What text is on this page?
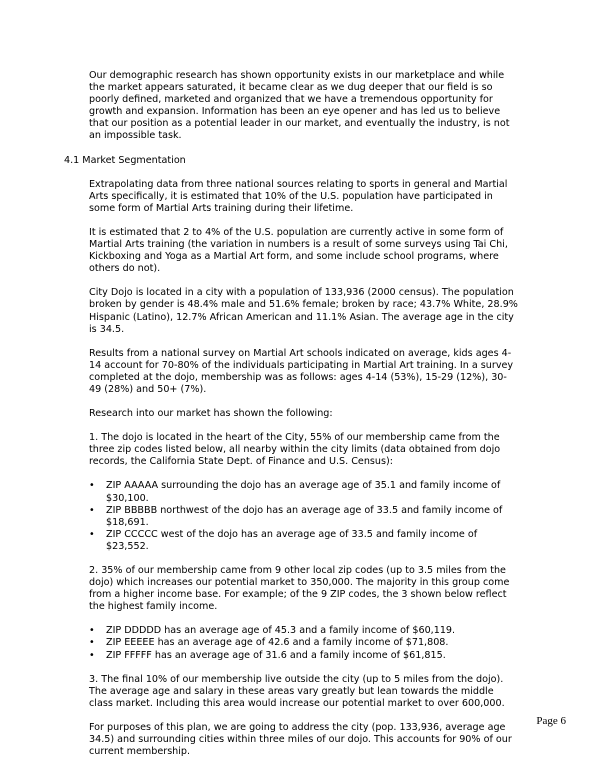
Our demographic research has shown opportunity exists in our marketplace and while the market appears saturated, it became clear as we dug deeper that our field is so poorly defined, marketed and organized that we have a tremendous opportunity for growth and expansion. Information has been an eye opener and has led us to believe that our position as a potential leader in our market, and eventually the industry, is not an impossible task.

4.1 Market Segmentation

Extrapolating data from three national sources relating to sports in general and Martial Arts specifically, it is estimated that 10% of the U.S. population have participated in some form of Martial Arts training during their lifetime.

It is estimated that 2 to 4% of the U.S. population are currently active in some form of Martial Arts training (the variation in numbers is a result of some surveys using Tai Chi, Kickboxing and Yoga as a Martial Art form, and some include school programs, where others do not).

City Dojo is located in a city with a population of 133,936 (2000 census). The population broken by gender is 48.4% male and 51.6% female; broken by race; 43.7% White, 28.9% Hispanic (Latino), 12.7% African American and 11.1% Asian. The average age in the city is 34.5.

Results from a national survey on Martial Art schools indicated on average, kids ages 4-14 account for 70-80% of the individuals participating in Martial Art training. In a survey completed at the dojo, membership was as follows: ages 4-14 (53%), 15-29 (12%), 30-49 (28%) and 50+ (7%).

Research into our market has shown the following:

1. The dojo is located in the heart of the City, 55% of our membership came from the three zip codes listed below, all nearby within the city limits (data obtained from dojo records, the California State Dept. of Finance and U.S. Census):

• ZIP AAAAA surrounding the dojo has an average age of 35.1 and family income of $30,100.
• ZIP BBBBB northwest of the dojo has an average age of 33.5 and family income of $18,691.
• ZIP CCCCC west of the dojo has an average age of 33.5 and family income of $23,552.

2. 35% of our membership came from 9 other local zip codes (up to 3.5 miles from the dojo) which increases our potential market to 350,000. The majority in this group come from a higher income base. For example; of the 9 ZIP codes, the 3 shown below reflect the highest family income.

• ZIP DDDDD has an average age of 45.3 and a family income of $60,119.
• ZIP EEEEE has an average age of 42.6 and a family income of $71,808.
• ZIP FFFFF has an average age of 31.6 and a family income of $61,815.

3. The final 10% of our membership live outside the city (up to 5 miles from the dojo). The average age and salary in these areas vary greatly but lean towards the middle class market. Including this area would increase our potential market to over 600,000.

For purposes of this plan, we are going to address the city (pop. 133,936, average age 34.5) and surrounding cities within three miles of our dojo. This accounts for 90% of our current membership.

Page 6
